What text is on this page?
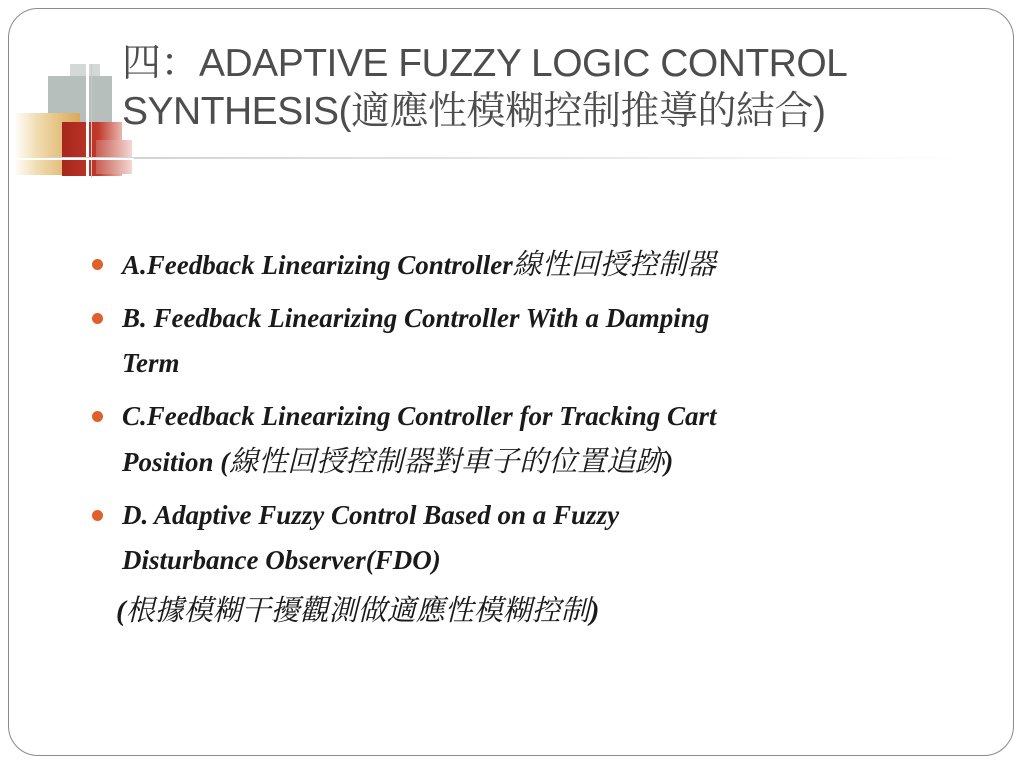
四：ADAPTIVE FUZZY LOGIC CONTROL
SYNTHESIS(適應性模糊控制推導的結合)
A.Feedback Linearizing Controller線性回授控制器
B. Feedback Linearizing Controller With a Damping
Term
C.Feedback Linearizing Controller for Tracking Cart
Position (線性回授控制器對車子的位置追跡)
D. Adaptive Fuzzy Control Based on a Fuzzy
Disturbance Observer(FDO)
(根據模糊干擾觀測做適應性模糊控制)
